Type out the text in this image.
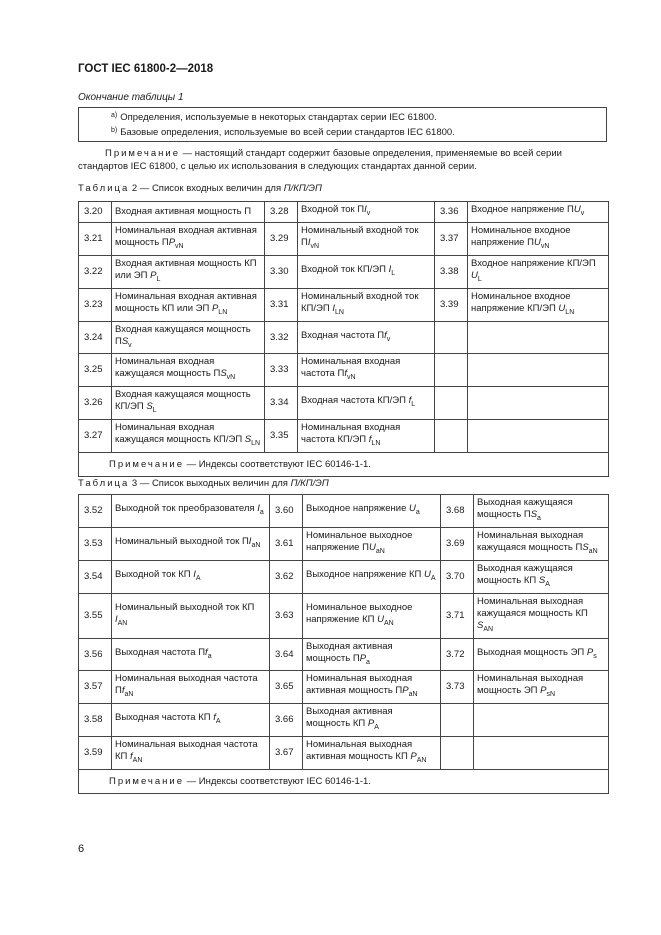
ГОСТ IEC 61800-2—2018
Окончание таблицы 1
$^{a)}$ Определения, используемые в некоторых стандартах серии IEC 61800.
$^{b)}$ Базовые определения, используемые во всей серии стандартов IEC 61800.
Примечание — настоящий стандарт содержит базовые определения, применяемые во всей серии стандартов IEC 61800, с целью их использования в следующих стандартах данной серии.
Таблица 2 — Список входных величин для П/КП/ЭП
3.20	Входная активная мощность П	3.28	Входной ток $ПI_v$	3.36	Входное напряжение $ПU_v$
3.21	Номинальная входная активная мощность $ПP_{vN}$	3.29	Номинальный входной ток $ПI_{vN}$	3.37	Номинальное входное напряжение $ПU_{vN}$
3.22	Входная активная мощность КП или ЭП $P_L$	3.30	Входной ток КП/ЭП $I_L$	3.38	Входное напряжение КП/ЭП $U_L$
3.23	Номинальная входная активная мощность КП или ЭП $P_{LN}$	3.31	Номинальный входной ток КП/ЭП $I_{LN}$	3.39	Номинальное входное напряжение КП/ЭП $U_{LN}$
3.24	Входная кажущаяся мощность $ПS_v$	3.32	Входная частота $Пf_v$		
3.25	Номинальная входная кажущаяся мощность $ПS_{vN}$	3.33	Номинальная входная частота $Пf_{vN}$		
3.26	Входная кажущаяся мощность КП/ЭП $S_L$	3.34	Входная частота КП/ЭП $f_L$		
3.27	Номинальная входная кажущаяся мощность КП/ЭП $S_{LN}$	3.35	Номинальная входная частота КП/ЭП $f_{LN}$		
Примечание — Индексы соответствуют IEC 60146-1-1.					
Таблица 3 — Список выходных величин для П/КП/ЭП
3.52	Выходной ток преобразователя $I_a$	3.60	Выходное напряжение $U_a$	3.68	Выходная кажущаяся мощность $ПS_a$
3.53	Номинальный выходной ток $ПI_{aN}$	3.61	Номинальное выходное напряжение $ПU_{aN}$	3.69	Номинальная выходная кажущаяся мощность $ПS_{aN}$
3.54	Выходной ток КП $I_A$	3.62	Выходное напряжение КП $U_A$	3.70	Выходная кажущаяся мощность КП $S_A$
3.55	Номинальный выходной ток КП $I_{AN}$	3.63	Номинальное выходное напряжение КП $U_{AN}$	3.71	Номинальная выходная кажущаяся мощность КП $S_{AN}$
3.56	Выходная частота $Пf_a$	3.64	Выходная активная мощность $ПP_a$	3.72	Выходная мощность ЭП $P_s$
3.57	Номинальная выходная частота $Пf_{aN}$	3.65	Номинальная выходная активная мощность $ПP_{aN}$	3.73	Номинальная выходная мощность ЭП $P_{sN}$
3.58	Выходная частота КП $f_A$	3.66	Выходная активная мощность КП $P_A$		
3.59	Номинальная выходная частота КП $f_{AN}$	3.67	Номинальная выходная активная мощность КП $P_{AN}$		
Примечание — Индексы соответствуют IEC 60146-1-1.					
6
